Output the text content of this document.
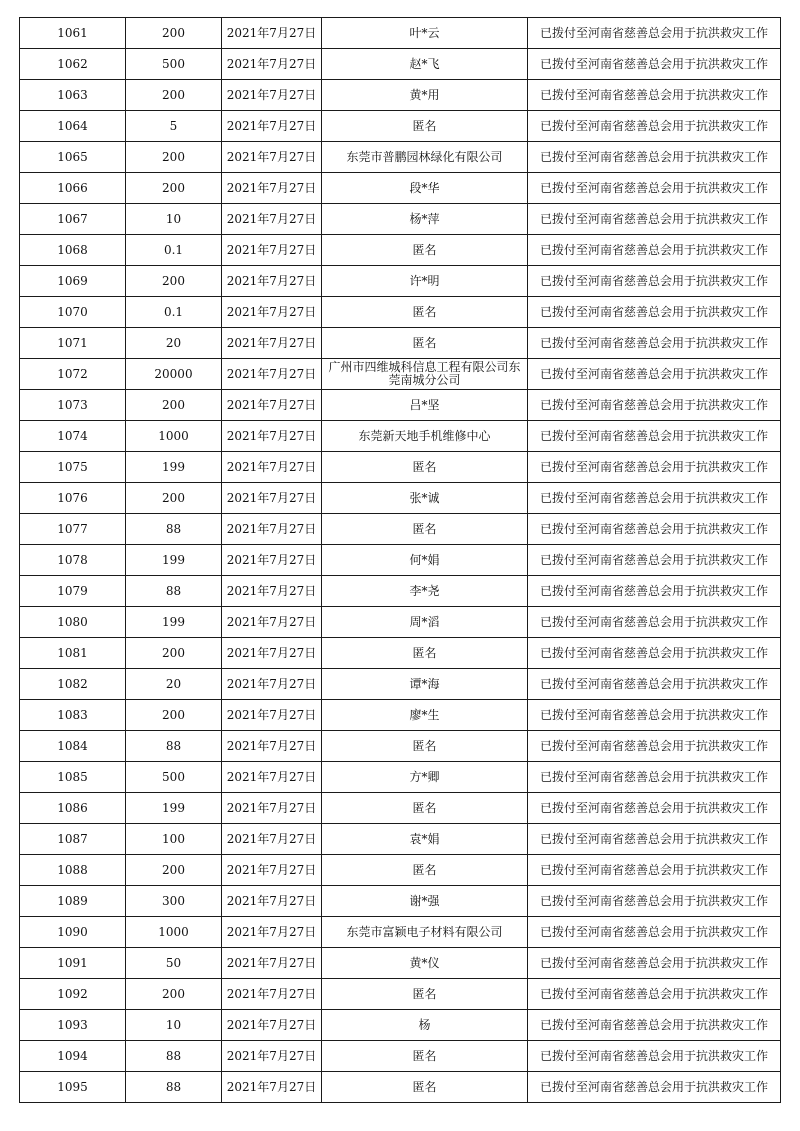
1061	200	2021年7月27日	叶*云	已拨付至河南省慈善总会用于抗洪救灾工作
1062	500	2021年7月27日	赵*飞	已拨付至河南省慈善总会用于抗洪救灾工作
1063	200	2021年7月27日	黄*用	已拨付至河南省慈善总会用于抗洪救灾工作
1064	5	2021年7月27日	匿名	已拨付至河南省慈善总会用于抗洪救灾工作
1065	200	2021年7月27日	东莞市普鹏园林绿化有限公司	已拨付至河南省慈善总会用于抗洪救灾工作
1066	200	2021年7月27日	段*华	已拨付至河南省慈善总会用于抗洪救灾工作
1067	10	2021年7月27日	杨*萍	已拨付至河南省慈善总会用于抗洪救灾工作
1068	0.1	2021年7月27日	匿名	已拨付至河南省慈善总会用于抗洪救灾工作
1069	200	2021年7月27日	许*明	已拨付至河南省慈善总会用于抗洪救灾工作
1070	0.1	2021年7月27日	匿名	已拨付至河南省慈善总会用于抗洪救灾工作
1071	20	2021年7月27日	匿名	已拨付至河南省慈善总会用于抗洪救灾工作
1072	20000	2021年7月27日	广州市四维城科信息工程有限公司东莞南城分公司	已拨付至河南省慈善总会用于抗洪救灾工作
1073	200	2021年7月27日	吕*坚	已拨付至河南省慈善总会用于抗洪救灾工作
1074	1000	2021年7月27日	东莞新天地手机维修中心	已拨付至河南省慈善总会用于抗洪救灾工作
1075	199	2021年7月27日	匿名	已拨付至河南省慈善总会用于抗洪救灾工作
1076	200	2021年7月27日	张*诚	已拨付至河南省慈善总会用于抗洪救灾工作
1077	88	2021年7月27日	匿名	已拨付至河南省慈善总会用于抗洪救灾工作
1078	199	2021年7月27日	何*娟	已拨付至河南省慈善总会用于抗洪救灾工作
1079	88	2021年7月27日	李*尧	已拨付至河南省慈善总会用于抗洪救灾工作
1080	199	2021年7月27日	周*滔	已拨付至河南省慈善总会用于抗洪救灾工作
1081	200	2021年7月27日	匿名	已拨付至河南省慈善总会用于抗洪救灾工作
1082	20	2021年7月27日	谭*海	已拨付至河南省慈善总会用于抗洪救灾工作
1083	200	2021年7月27日	廖*生	已拨付至河南省慈善总会用于抗洪救灾工作
1084	88	2021年7月27日	匿名	已拨付至河南省慈善总会用于抗洪救灾工作
1085	500	2021年7月27日	方*卿	已拨付至河南省慈善总会用于抗洪救灾工作
1086	199	2021年7月27日	匿名	已拨付至河南省慈善总会用于抗洪救灾工作
1087	100	2021年7月27日	袁*娟	已拨付至河南省慈善总会用于抗洪救灾工作
1088	200	2021年7月27日	匿名	已拨付至河南省慈善总会用于抗洪救灾工作
1089	300	2021年7月27日	谢*强	已拨付至河南省慈善总会用于抗洪救灾工作
1090	1000	2021年7月27日	东莞市富颖电子材料有限公司	已拨付至河南省慈善总会用于抗洪救灾工作
1091	50	2021年7月27日	黄*仪	已拨付至河南省慈善总会用于抗洪救灾工作
1092	200	2021年7月27日	匿名	已拨付至河南省慈善总会用于抗洪救灾工作
1093	10	2021年7月27日	杨	已拨付至河南省慈善总会用于抗洪救灾工作
1094	88	2021年7月27日	匿名	已拨付至河南省慈善总会用于抗洪救灾工作
1095	88	2021年7月27日	匿名	已拨付至河南省慈善总会用于抗洪救灾工作
